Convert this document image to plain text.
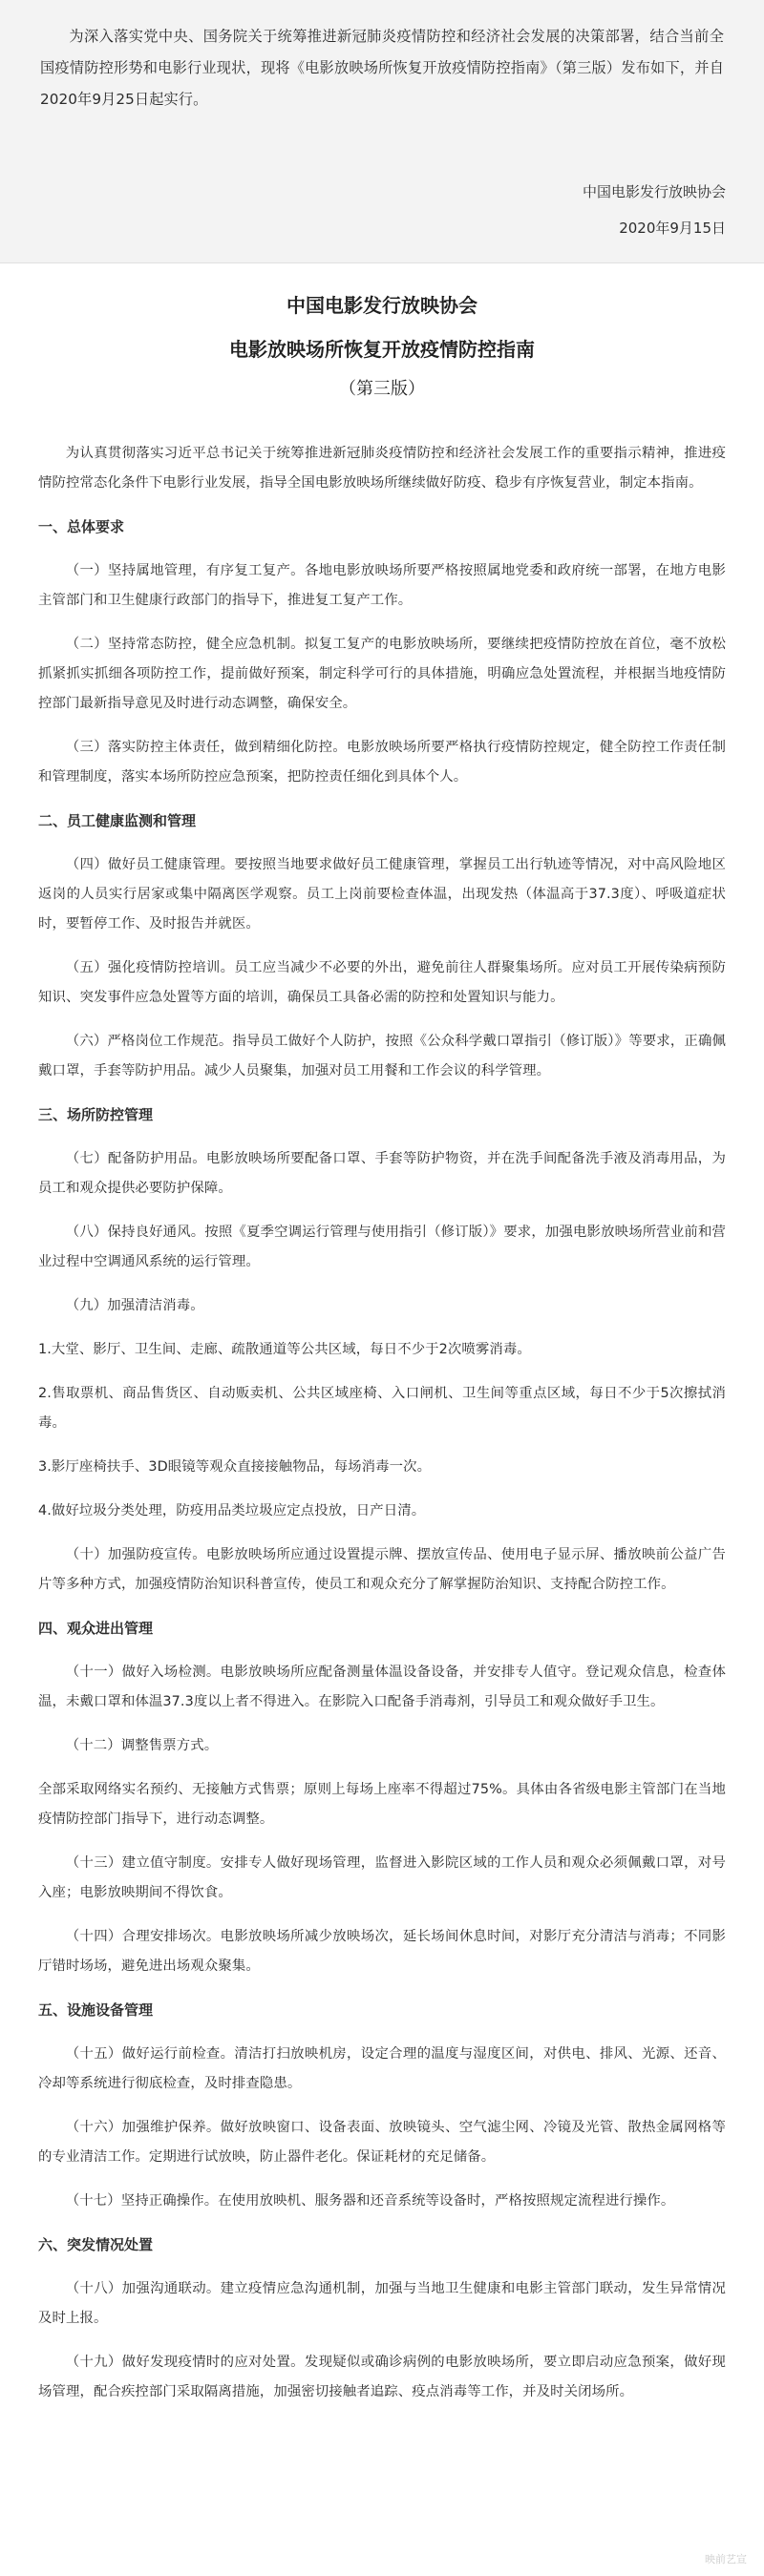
为深入落实党中央、国务院关于统筹推进新冠肺炎疫情防控和经济社会发展的决策部署，结合当前全国疫情防控形势和电影行业现状，现将《电影放映场所恢复开放疫情防控指南》（第三版）发布如下，并自2020年9月25日起实行。
中国电影发行放映协会
2020年9月15日
中国电影发行放映协会
电影放映场所恢复开放疫情防控指南
（第三版）

为认真贯彻落实习近平总书记关于统筹推进新冠肺炎疫情防控和经济社会发展工作的重要指示精神，推进疫情防控常态化条件下电影行业发展，指导全国电影放映场所继续做好防疫、稳步有序恢复营业，制定本指南。

一、总体要求

（一）坚持属地管理，有序复工复产。各地电影放映场所要严格按照属地党委和政府统一部署，在地方电影主管部门和卫生健康行政部门的指导下，推进复工复产工作。

（二）坚持常态防控，健全应急机制。拟复工复产的电影放映场所，要继续把疫情防控放在首位，毫不放松抓紧抓实抓细各项防控工作，提前做好预案，制定科学可行的具体措施，明确应急处置流程，并根据当地疫情防控部门最新指导意见及时进行动态调整，确保安全。

（三）落实防控主体责任，做到精细化防控。电影放映场所要严格执行疫情防控规定，健全防控工作责任制和管理制度，落实本场所防控应急预案，把防控责任细化到具体个人。

二、员工健康监测和管理

（四）做好员工健康管理。要按照当地要求做好员工健康管理，掌握员工出行轨迹等情况，对中高风险地区返岗的人员实行居家或集中隔离医学观察。员工上岗前要检查体温，出现发热（体温高于37.3度）、呼吸道症状时，要暂停工作、及时报告并就医。

（五）强化疫情防控培训。员工应当减少不必要的外出，避免前往人群聚集场所。应对员工开展传染病预防知识、突发事件应急处置等方面的培训，确保员工具备必需的防控和处置知识与能力。

（六）严格岗位工作规范。指导员工做好个人防护，按照《公众科学戴口罩指引（修订版）》等要求，正确佩戴口罩，手套等防护用品。减少人员聚集，加强对员工用餐和工作会议的科学管理。

三、场所防控管理

（七）配备防护用品。电影放映场所要配备口罩、手套等防护物资，并在洗手间配备洗手液及消毒用品，为员工和观众提供必要防护保障。

（八）保持良好通风。按照《夏季空调运行管理与使用指引（修订版）》要求，加强电影放映场所营业前和营业过程中空调通风系统的运行管理。

（九）加强清洁消毒。

1.大堂、影厅、卫生间、走廊、疏散通道等公共区域，每日不少于2次喷雾消毒。

2.售取票机、商品售货区、自动贩卖机、公共区域座椅、入口闸机、卫生间等重点区域，每日不少于5次擦拭消毒。

3.影厅座椅扶手、3D眼镜等观众直接接触物品，每场消毒一次。

4.做好垃圾分类处理，防疫用品类垃圾应定点投放，日产日清。

（十）加强防疫宣传。电影放映场所应通过设置提示牌、摆放宣传品、使用电子显示屏、播放映前公益广告片等多种方式，加强疫情防治知识科普宣传，使员工和观众充分了解掌握防治知识、支持配合防控工作。

四、观众进出管理

（十一）做好入场检测。电影放映场所应配备测量体温设备设备，并安排专人值守。登记观众信息，检查体温，未戴口罩和体温37.3度以上者不得进入。在影院入口配备手消毒剂，引导员工和观众做好手卫生。

（十二）调整售票方式。

全部采取网络实名预约、无接触方式售票；原则上每场上座率不得超过75%。具体由各省级电影主管部门在当地疫情防控部门指导下，进行动态调整。

（十三）建立值守制度。安排专人做好现场管理，监督进入影院区域的工作人员和观众必须佩戴口罩，对号入座；电影放映期间不得饮食。

（十四）合理安排场次。电影放映场所减少放映场次，延长场间休息时间，对影厅充分清洁与消毒；不同影厅错时场场，避免进出场观众聚集。

五、设施设备管理

（十五）做好运行前检查。清洁打扫放映机房，设定合理的温度与湿度区间，对供电、排风、光源、还音、冷却等系统进行彻底检查，及时排查隐患。

（十六）加强维护保养。做好放映窗口、设备表面、放映镜头、空气滤尘网、冷镜及光管、散热金属网格等的专业清洁工作。定期进行试放映，防止器件老化。保证耗材的充足储备。

（十七）坚持正确操作。在使用放映机、服务器和还音系统等设备时，严格按照规定流程进行操作。

六、突发情况处置

（十八）加强沟通联动。建立疫情应急沟通机制，加强与当地卫生健康和电影主管部门联动，发生异常情况及时上报。

（十九）做好发现疫情时的应对处置。发现疑似或确诊病例的电影放映场所，要立即启动应急预案，做好现场管理，配合疾控部门采取隔离措施，加强密切接触者追踪、疫点消毒等工作，并及时关闭场所。

映前艺宣
